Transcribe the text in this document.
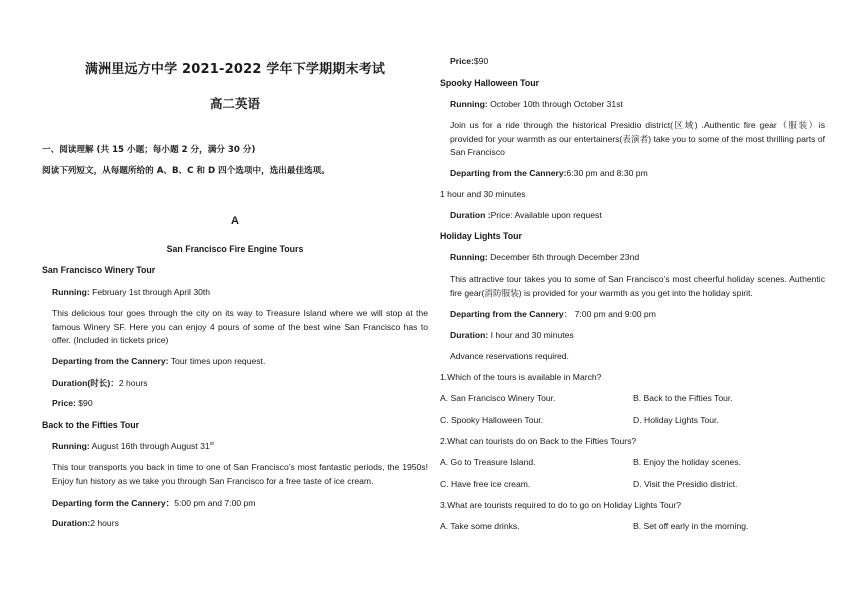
满洲里远方中学 2021-2022 学年下学期期末考试
高二英语
一、阅读理解 (共 15 小题；每小题 2 分，满分 30 分)
阅读下列短文，从每题所给的 A、B、C 和 D 四个选项中，选出最佳选项。
A
San Francisco Fire Engine Tours
San Francisco Winery Tour
Running: February 1st through April 30th
This delicious tour goes through the city on its way to Treasure Island where we will stop at the famous Winery SF. Here you can enjoy 4 pours of some of the best wine San Francisco has to offer. (Included in tickets price)
Departing from the Cannery: Tour times upon request.
Duration(时长)：2 hours
Price: $90
Back to the Fifties Tour
Running: August 16th through August 31st
This tour transports you back in time to one of San Francisco’s most fantastic periods, the 1950s! Enjoy fun history as we take you through San Francisco for a free taste of ice cream.
Departing form the Cannery：5:00 pm and 7:00 pm
Duration:2 hours
Price:$90
Spooky Halloween Tour
Running: October 10th through October 31st
Join us for a ride through the historical Presidio district(区域) .Authentic fire gear（服装）is provided for your warmth as our entertainers(表演者) take you to some of the most thrilling parts of San Francisco
Departing from the Cannery:6:30 pm and 8:30 pm
1 hour and 30 minutes
Duration :Price: Available upon request
Holiday Lights Tour
Running: December 6th through December 23nd
This attractive tour takes you to some of San Francisco’s most cheerful holiday scenes. Authentic fire gear(消防服装) is provided for your warmth as you get into the holiday spirit.
Departing from the Cannery： 7:00 pm and 9:00 pm
Duration: I hour and 30 minutes
Advance reservations required.
1.Which of the tours is available in March?
A. San Francisco Winery Tour.	B. Back to the Fifties Tour.
C. Spooky Halloween Tour.	D. Holiday Lights Tour.
2.What can tourists do on Back to the Fifties Tours?
A. Go to Treasure Island.	B. Enjoy the holiday scenes.
C. Have free ice cream.	D. Visit the Presidio district.
3.What are tourists required to do to go on Holiday Lights Tour?
A. Take some drinks.	B. Set off early in the morning.
